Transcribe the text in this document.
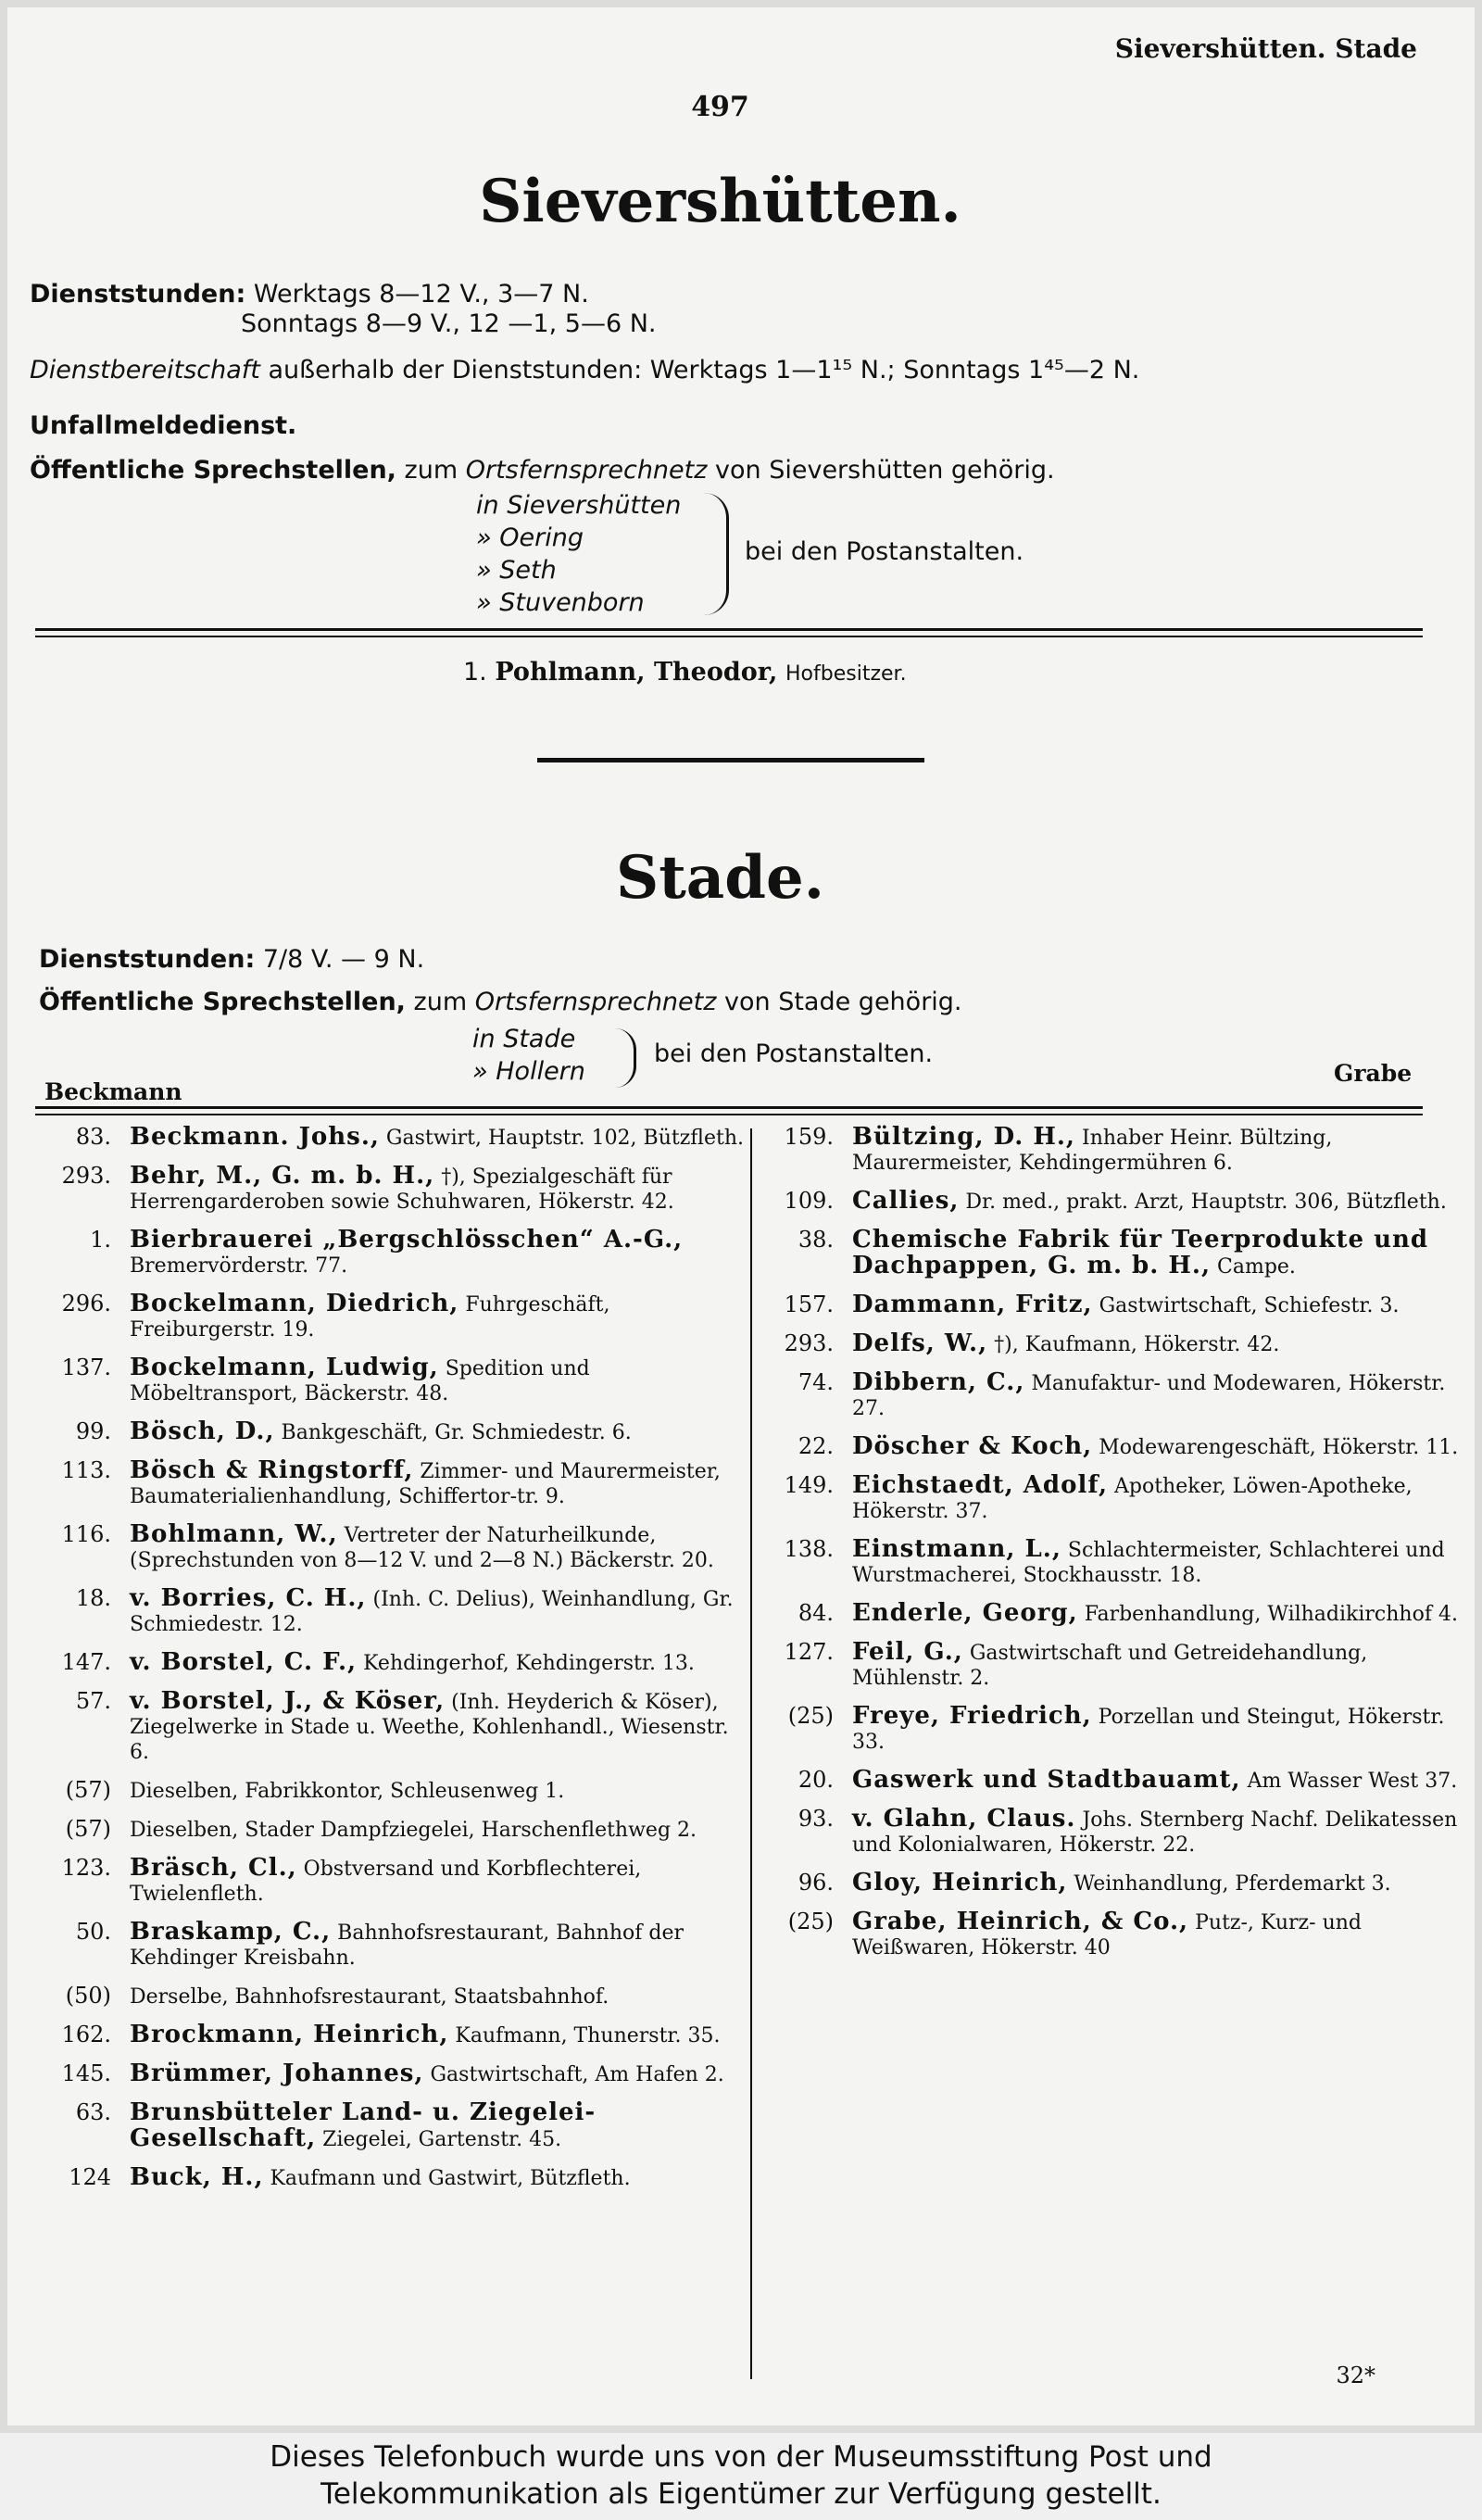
Sievershütten. Stade
497
Sievershütten.
Dienststunden: Werktags 8—12 V., 3—7 N.
Sonntags 8—9 V., 12 —1, 5—6 N.
Dienstbereitschaft außerhalb der Dienststunden: Werktags 1—1¹⁵ N.; Sonntags 1⁴⁵—2 N.
Unfallmeldedienst.
Öffentliche Sprechstellen, zum Ortsfernsprechnetz von Sievershütten gehörig.
in Sievershütten
» Oering
» Seth
» Stuvenborn
bei den Postanstalten.
1. Pohlmann, Theodor, Hofbesitzer.
Stade.
Dienststunden: 7/8 V. — 9 N.
Öffentliche Sprechstellen, zum Ortsfernsprechnetz von Stade gehörig.
in Stade
» Hollern
bei den Postanstalten.
Beckmann
Grabe
83. Beckmann. Johs., Gastwirt, Hauptstr. 102, Bützfleth.
293. Behr, M., G. m. b. H., †), Spezialgeschäft für Herrengarderoben sowie Schuhwaren, Hökerstr. 42.
1. Bierbrauerei „Bergschlösschen“ A.-G., Bremervörderstr. 77.
296. Bockelmann, Diedrich, Fuhrgeschäft, Freiburgerstr. 19.
137. Bockelmann, Ludwig, Spedition und Möbeltransport, Bäckerstr. 48.
99. Bösch, D., Bankgeschäft, Gr. Schmiedestr. 6.
113. Bösch & Ringstorff, Zimmer- und Maurermeister, Baumaterialienhandlung, Schiffertor-tr. 9.
116. Bohlmann, W., Vertreter der Naturheilkunde, (Sprechstunden von 8—12 V. und 2—8 N.) Bäckerstr. 20.
18. v. Borries, C. H., (Inh. C. Delius), Weinhandlung, Gr. Schmiedestr. 12.
147. v. Borstel, C. F., Kehdingerhof, Kehdingerstr. 13.
57. v. Borstel, J., & Köser, (Inh. Heyderich & Köser), Ziegelwerke in Stade u. Weethe, Kohlenhandl., Wiesenstr. 6.
(57) Dieselben, Fabrikkontor, Schleusenweg 1.
(57) Dieselben, Stader Dampfziegelei, Harschenflethweg 2.
123. Bräsch, Cl., Obstversand und Korbflechterei, Twielenfleth.
50. Braskamp, C., Bahnhofsrestaurant, Bahnhof der Kehdinger Kreisbahn.
(50) Derselbe, Bahnhofsrestaurant, Staatsbahnhof.
162. Brockmann, Heinrich, Kaufmann, Thunerstr. 35.
145. Brümmer, Johannes, Gastwirtschaft, Am Hafen 2.
63. Brunsbütteler Land- u. Ziegelei-Gesellschaft, Ziegelei, Gartenstr. 45.
124 Buck, H., Kaufmann und Gastwirt, Bützfleth.
159. Bültzing, D. H., Inhaber Heinr. Bültzing, Maurermeister, Kehdingermühren 6.
109. Callies, Dr. med., prakt. Arzt, Hauptstr. 306, Bützfleth.
38. Chemische Fabrik für Teerprodukte und Dachpappen, G. m. b. H., Campe.
157. Dammann, Fritz, Gastwirtschaft, Schiefestr. 3.
293. Delfs, W., †), Kaufmann, Hökerstr. 42.
74. Dibbern, C., Manufaktur- und Modewaren, Hökerstr. 27.
22. Döscher & Koch, Modewarengeschäft, Hökerstr. 11.
149. Eichstaedt, Adolf, Apotheker, Löwen-Apotheke, Hökerstr. 37.
138. Einstmann, L., Schlachtermeister, Schlachterei und Wurstmacherei, Stockhausstr. 18.
84. Enderle, Georg, Farbenhandlung, Wilhadikirchhof 4.
127. Feil, G., Gastwirtschaft und Getreidehandlung, Mühlenstr. 2.
(25) Freye, Friedrich, Porzellan und Steingut, Hökerstr. 33.
20. Gaswerk und Stadtbauamt, Am Wasser West 37.
93. v. Glahn, Claus. Johs. Sternberg Nachf. Delikatessen und Kolonialwaren, Hökerstr. 22.
96. Gloy, Heinrich, Weinhandlung, Pferdemarkt 3.
(25) Grabe, Heinrich, & Co., Putz-, Kurz- und Weißwaren, Hökerstr. 40
32*
Dieses Telefonbuch wurde uns von der Museumsstiftung Post und
Telekommunikation als Eigentümer zur Verfügung gestellt.
